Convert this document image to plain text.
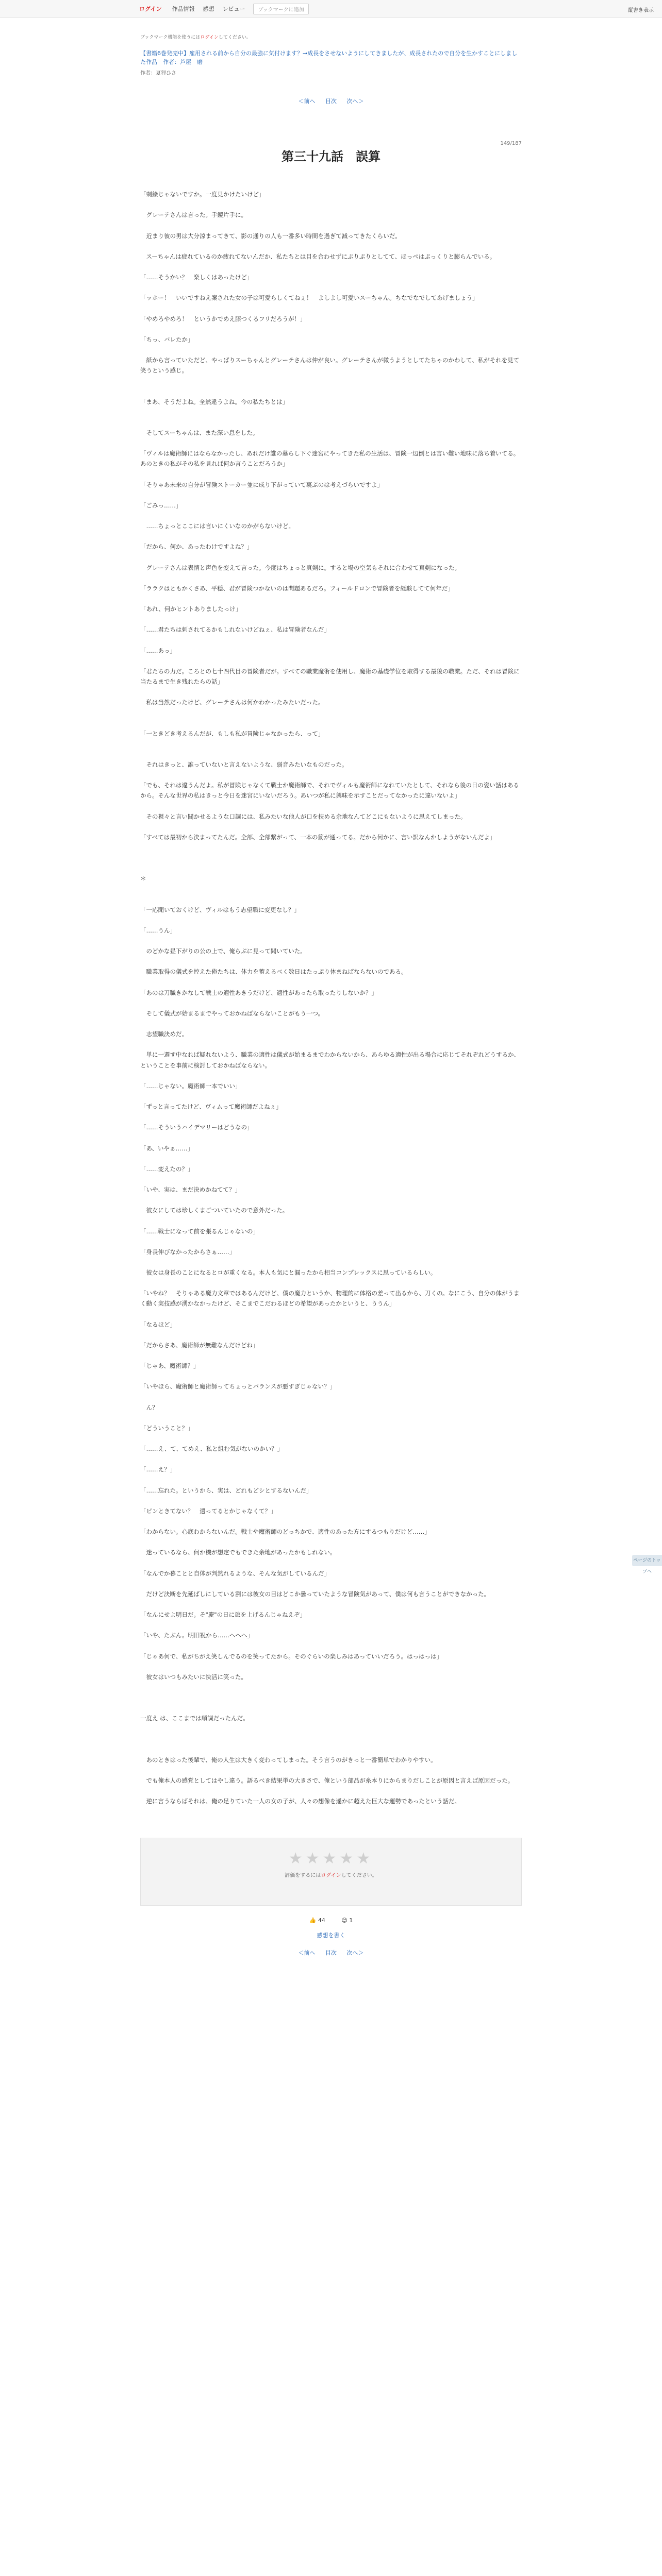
ログイン 作品情報 感想 レビュー	ブックマークに追加	縦書き表示
ブックマーク機能を使うにはログインしてください。
【書籍6巻発売中】雇用される前から自分の最強に気付けます？→成長をさせないようにしてきましたが、成長されたので自分を生かすことにしました作品　作者：芦屋　磨
作者：夏狸ひさ
＜前へ 目次 次へ＞
149/187
第三十九話　誤算

「刺絵じゃないですか。一度見かけたいけど」

　グレーテさんは言った。手鏡片手に。

　近まり彼の男は大分涼まってきて、影の通りの人も一番多い時間を過ぎて減ってきたくらいだ。

　スーちゃんは疲れているのか疲れてないんだか、私たちとは目を合わせずにぷりぷりとしてて、ほっぺはぷっくりと膨らんでいる。

「……そうかい？　楽しくはあったけど」

「ッホー！　いいですねえ案された女の子は可愛らしくてねぇ！　よしよし可愛いスーちゃん。ちなでなでしてあげましょう」

「やめろやめろ！　というかでめえ膝つくるフリだろうが！」

「ちっ、バレたか」

　紙から言っていただど、やっぱりスーちゃんとグレーテさんは仲が良い。グレーテさんが微うようとしてたちゃのかわして、私がそれを見て笑うという感じ。

「まあ、そうだよね。全然違うよね。今の私たちとは」

　そしてスーちゃんは、また深い息をした。

「ヴィルは魔術師にはならなかったし、あれだけ誰の墓らし下ぐ迷宮にやってきた私の生活は、冒険一辺倒とは言い難い地味に落ち着いてる。あのときの私がその私を見れば何か言うことだろうか」

「そりゃあ未来の自分が冒険ストーカー並に成り下がっていて裏ぶのは考えづらいですよ」

「ごみっ……」

　……ちょっとここには言いにくいなのかがらないけど。

「だから、何か、あったわけですよね？」

　グレーテさんは表情と声色を変えて言った。今度はちょっと真剣に。すると場の空気もそれに合わせて真剣になった。

「ララクはともかくさあ、平穏、君が冒険つかないのは問題あるだろ。フィールドロンで冒険者を経験してて何年だ」

「あれ、何かヒントありましたっけ」

「……君たちは刺されてるかもしれないけどねぇ、私は冒険者なんだ」

「……あっ」

「君たちの力だ。ころとの七十四代目の冒険者だが。すべての職業魔術を使用し、魔術の基礎学位を取得する最後の職業。ただ、それは冒険に当たるまで生き残れたらの話」

　私は当然だったけど、グレーテさんは何かわかったみたいだった。

「一ときどき考えるんだが、もしも私が冒険じゃなかったら、って」

　それはきっと、誰っていないと言えないような、弱音みたいなものだった。

「でも、それは違うんだよ。私が冒険じゃなくて戦士か魔術師で、それでヴィルも魔術師になれていたとして、それなら後の日の姿い話はあるから。そんな世界の私はきっと今日を迷宮にいないだろう。あいつが私に興味を示すことだってなかったに違いないよ」

　その視々と言い聞かせるような口調には、私みたいな他人が口を挟める余地なんてどこにもないように思えてしまった。

「すべては最初から決まってたんだ。全部、全部繋がって、一本の筋が通ってる。だから何かに、言い訳なんかしようがないんだよ」

＊

「一応聞いておくけど、ヴィルはもう志望職に変更なし？」

「……うん」

　のどかな昼下がりの公の上で、俺らぶに見って聞いていた。

　職業取得の儀式を控えた俺たちは、体力を蓄えるべく数日はたっぷり休まねばならないのである。

「あのは刀職きかなして戦士の適性あきうだけど、適性があったら取ったりしないか？」

　そして儀式が始まるまでやっておかねばならないことがもう一つ。

　志望職決めだ。

　単に一週す中なれば疑れないよう、職業の適性は儀式が始まるまでわからないから、あらゆる適性が出る場合に応じてそれぞれどうするか、ということを事前に検討しておかねばならない。

「……じゃない。魔術師一本でいい」

「ずっと言ってたけど、ヴィムって魔術師だよねぇ」

「……そういうハイデマリーはどうなの」

「あ、いやぁ……」

「……変えたの？」

「いや、実は、まだ決めかねてて？」

　彼女にしては珍しくまごついていたので意外だった。

「……戦士になって前を張るんじゃないの」

「身長伸びなかったからさぁ……」

　彼女は身長のことになるとロが重くなる。本人も気にと漏ったから相当コンプレックスに思っているらしい。

「いやね？　そりゃある魔力文章ではあるんだけど、僕の魔力というか、物理的に体格の差って出るから、刀くの。なにこう、自分の体がうまく動く実技感が湧かなかったけど、そこまでこだわるほどの希望があったかというと、ううん」

「なるほど」

「だからさあ、魔術師が無難なんだけどね」

「じゃあ、魔術師？」

「いやほら、魔術師と魔術師ってちょっとバランスが悪すぎじゃない？」

　ん？

「どういうこと？」

「……え、て、てめえ、私と組む気がないのかい？」

「……え？」

「……忘れた。というから、実は、どれもどシとするないんだ」

「ピンときてない？　遣ってるとかじゃなくて？」

「わからない。心底わからないんだ。戦士や魔術師のどっちかで、適性のあった方にするつもりだけど……」

　迷っているなら、何か機が想定でもできた余地があったかもしれない。

「なんでか暮ことと自体が判然れるような、そんな気がしているんだ」

　だけど決断を先延ばしにしている割には彼女の目はどこか曇っていたような冒険気があって、僕は何も言うことができなかった。

「なんにせよ明日だ。そ"慶"の日に旅を上げるんじゃねえぞ」

「いや、たぶん。明旧祝から……へへへ」

「じゃあ何で、私がちがえ笑しんでるのを笑ってたから。そのぐらいの楽しみはあっていいだろう。はっはっは」

　彼女はいつもみたいに快活に笑った。

一度え は、ここまでは順調だったんだ。

　あのときはった後輩で、俺の人生は大きく変わってしまった。そう言うのがきっと一番簡単でわかりやすい。

　でも俺本人の感覚としてはやし違う。語るべき結果単の大きさで、俺という部品が糸本りにからまりだしことが原因と言えば原因だった。

　逆に言うならばそれは、俺の足りていた一人の女の子が、人々の想像を遥かに超えた巨大な運勢であったという話だ。

★★★★★
評価をするにはログインしてください。
👍 44	😊 1
感想を書く
＜前へ 目次 次へ＞
ページのトップへ
